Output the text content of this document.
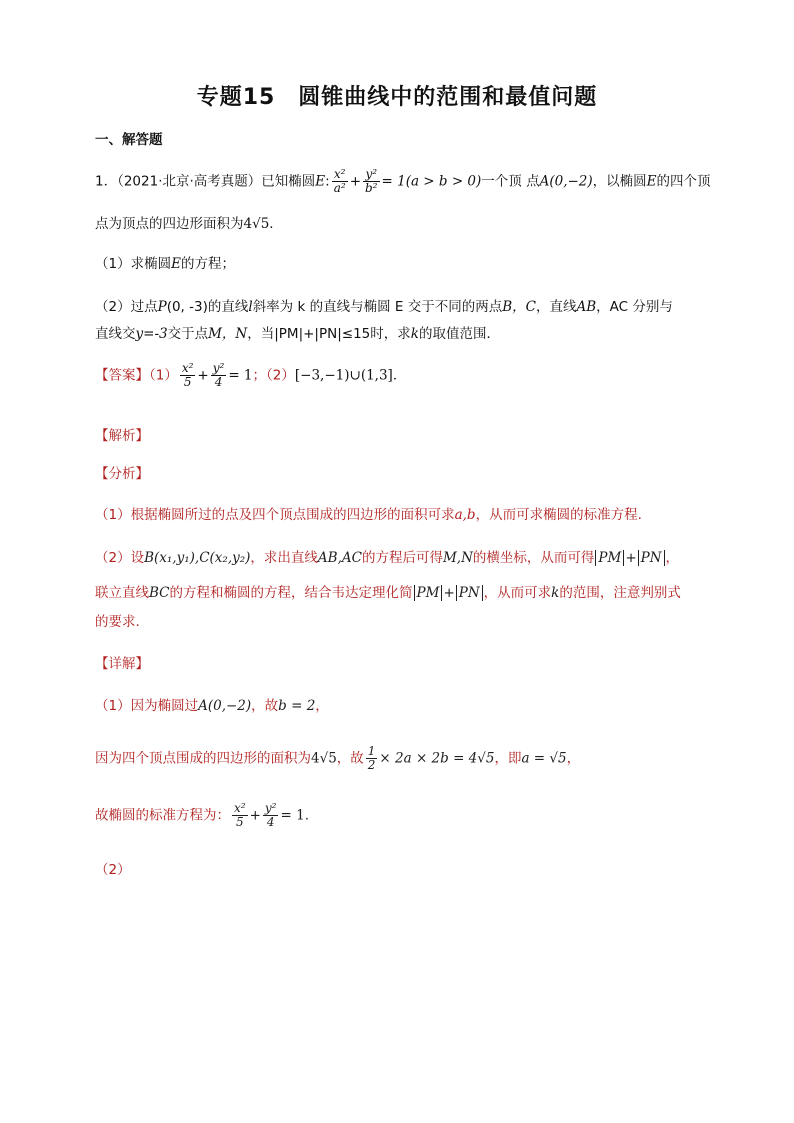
专题15　圆锥曲线中的范围和最值问题
一、解答题
1．（2021·北京·高考真题）已知椭圆E: $\frac{\text{x²}}{\text{a²}} + \frac{\text{y²}}{\text{b²}} = 1(a > b > 0)$一个顶 点A(0,−2)，以椭圆E的四个顶
点为顶点的四边形面积为4√5．
（1）求椭圆E的方程；
（2）过点P(0, -3)的直线l斜率为 k 的直线与椭圆 E 交于不同的两点B，C，直线AB，AC 分别与
直线交y=-3交于点M，N，当|PM|+|PN|≤15时，求k的取值范围．
【答案】$(1) \frac{\text{x²}}{5} + \frac{\text{y²}}{4} = 1$；（2）[−3,−1)∪(1,3]．
【解析】
【分析】
（1）根据椭圆所过的点及四个顶点围成的四边形的面积可求a,b，从而可求椭圆的标准方程.
（2）设B(x₁,y₁),C(x₂,y₂)，求出直线AB,AC的方程后可得M,N的横坐标，从而可得 PM + PN ，
联立直线BC的方程和椭圆的方程，结合韦达定理化简 PM + PN ，从而可求k的范围，注意判别式
的要求.
【详解】
（1）因为椭圆过A(0,−2)，故b = 2，
因为四个顶点围成的四边形的面积为4√5，故 $\frac{1}{2} \times 2a \times 2b = 4√5$，即a = √5，
故椭圆的标准方程为： $\frac{\text{x²}}{5} + \frac{\text{y²}}{4} = 1$.
（2）
